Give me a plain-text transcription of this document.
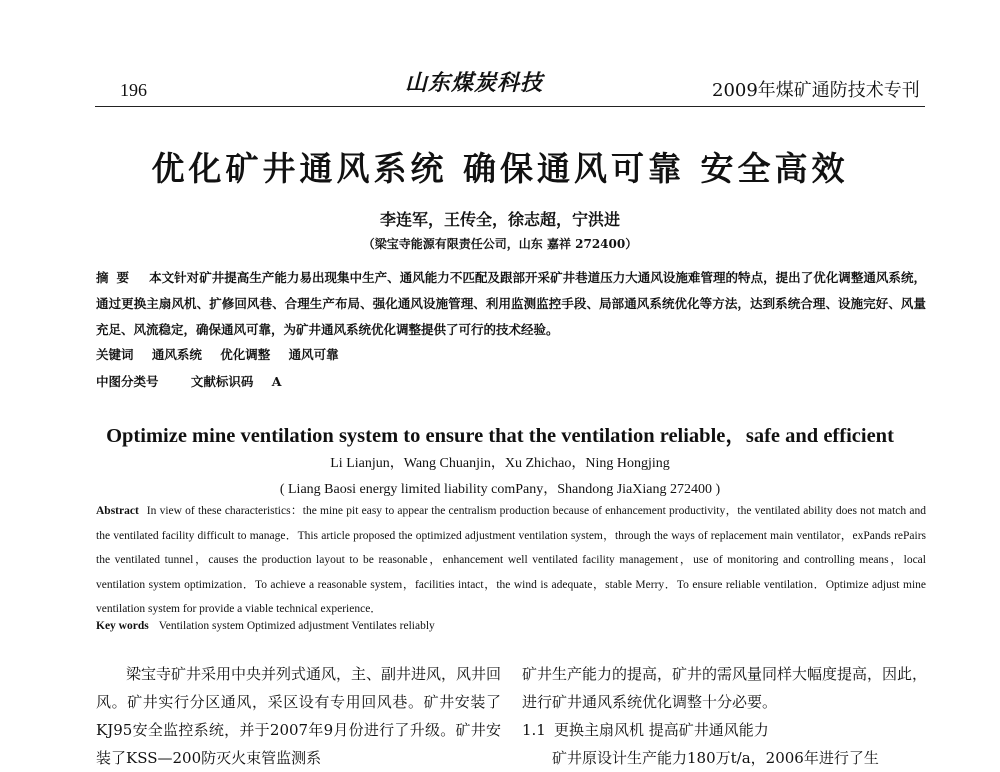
196	山东煤炭科技	2009年煤矿通防技术专刊
优化矿井通风系统 确保通风可靠 安全高效
李连军，王传全，徐志超，宁洪进
（梁宝寺能源有限责任公司，山东 嘉祥 272400）
摘要 本文针对矿井提高生产能力易出现集中生产、通风能力不匹配及跟部开采矿井巷道压力大通风设施难管理的特点，提出了优化调整通风系统，通过更换主扇风机、扩修回风巷、合理生产布局、强化通风设施管理、利用监测监控手段、局部通风系统优化等方法，达到系统合理、设施完好、风量充足、风流稳定，确保通风可靠，为矿井通风系统优化调整提供了可行的技术经验。
关键词 通风系统 优化调整 通风可靠
中图分类号	文献标识码 A
Optimize mine ventilation system to ensure that the ventilation reliable，safe and efficient
Li Lianjun，Wang Chuanjin，Xu Zhichao，Ning Hongjing
( Liang Baosi energy limited liability comPany，Shandong JiaXiang 272400 )
Abstract In view of these characteristics：the mine pit easy to appear the centralism production because of enhancement productivity，the ventilated ability does not match and the ventilated facility difficult to manage．This article proposed the optimized adjustment ventilation system，through the ways of replacement main ventilator，exPands rePairs the ventilated tunnel，causes the production layout to be reasonable，enhancement well ventilated facility management，use of monitoring and controlling means，local ventilation system optimization．To achieve a reasonable system，facilities intact，the wind is adequate，stable Merry．To ensure reliable ventilation．Optimize adjust mine ventilation system for provide a viable technical experience．
Key words Ventilation system Optimized adjustment Ventilates reliably
梁宝寺矿井采用中央并列式通风，主、副井进风，风井回风。矿井实行分区通风，采区设有专用回风巷。矿井安装了KJ95安全监控系统，并于2007年9月份进行了升级。矿井安装了KSS—200防灭火束管监测系
矿井生产能力的提高，矿井的需风量同样大幅度提高，因此，进行矿井通风系统优化调整十分必要。
1.1 更换主扇风机 提高矿井通风能力
矿井原设计生产能力180万t/a，2006年进行了生
